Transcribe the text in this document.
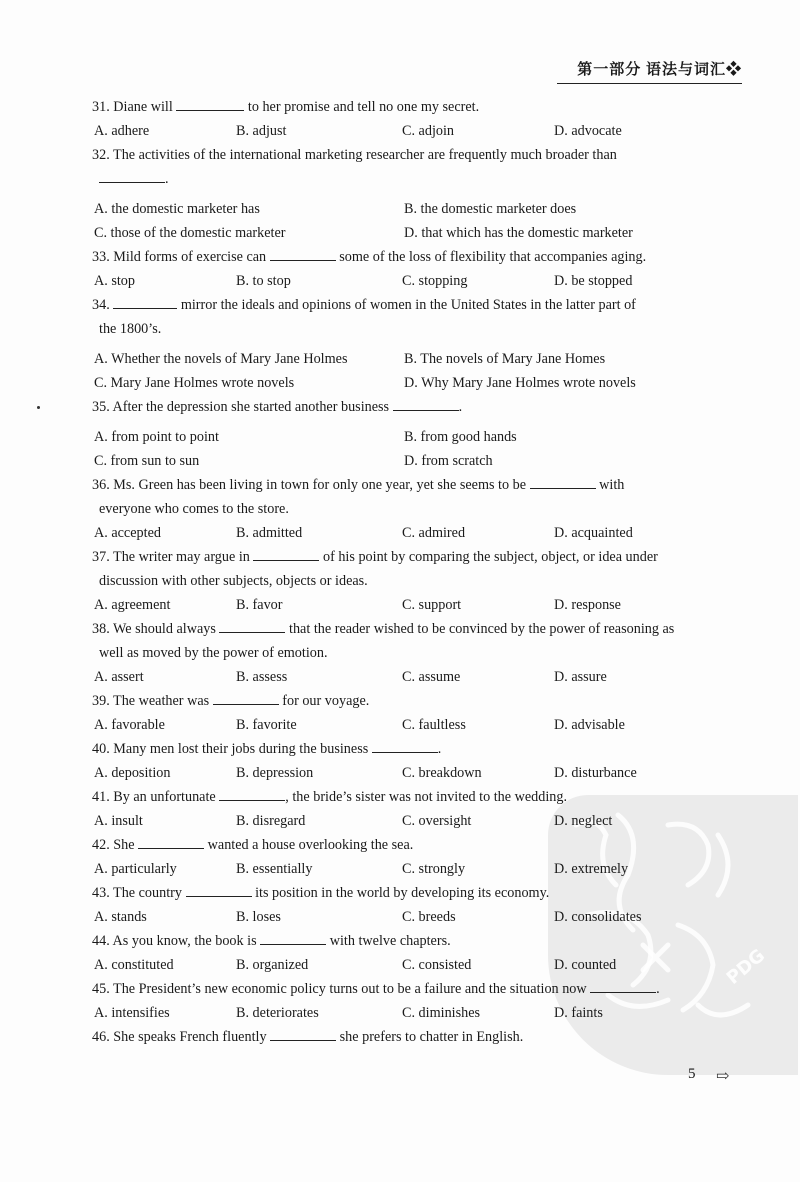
第一部分 语法与词汇❖
PDG
31. Diane will	to her promise and tell no one my secret.
A. adhere	B. adjust	C. adjoin	D. advocate
32. The activities of the international marketing researcher are frequently much broader than
.
A. the domestic marketer has	B. the domestic marketer does
C. those of the domestic marketer	D. that which has the domestic marketer
33. Mild forms of exercise can	some of the loss of flexibility that accompanies aging.
A. stop	B. to stop	C. stopping	D. be stopped
34.	mirror the ideals and opinions of women in the United States in the latter part of
the 1800’s.
A. Whether the novels of Mary Jane Holmes	B. The novels of Mary Jane Homes
C. Mary Jane Holmes wrote novels	D. Why Mary Jane Holmes wrote novels
35. After the depression she started another business	.
A. from point to point	B. from good hands
C. from sun to sun	D. from scratch
36. Ms. Green has been living in town for only one year, yet she seems to be	with
everyone who comes to the store.
A. accepted	B. admitted	C. admired	D. acquainted
37. The writer may argue in	of his point by comparing the subject, object, or idea under
discussion with other subjects, objects or ideas.
A. agreement	B. favor	C. support	D. response
38. We should always	that the reader wished to be convinced by the power of reasoning as
well as moved by the power of emotion.
A. assert	B. assess	C. assume	D. assure
39. The weather was	for our voyage.
A. favorable	B. favorite	C. faultless	D. advisable
40. Many men lost their jobs during the business	.
A. deposition	B. depression	C. breakdown	D. disturbance
41. By an unfortunate	, the bride’s sister was not invited to the wedding.
A. insult	B. disregard	C. oversight	D. neglect
42. She	wanted a house overlooking the sea.
A. particularly	B. essentially	C. strongly	D. extremely
43. The country	its position in the world by developing its economy.
A. stands	B. loses	C. breeds	D. consolidates
44. As you know, the book is	with twelve chapters.
A. constituted	B. organized	C. consisted	D. counted
45. The President’s new economic policy turns out to be a failure and the situation now	.
A. intensifies	B. deteriorates	C. diminishes	D. faints
46. She speaks French fluently	she prefers to chatter in English.
5 ⇨
